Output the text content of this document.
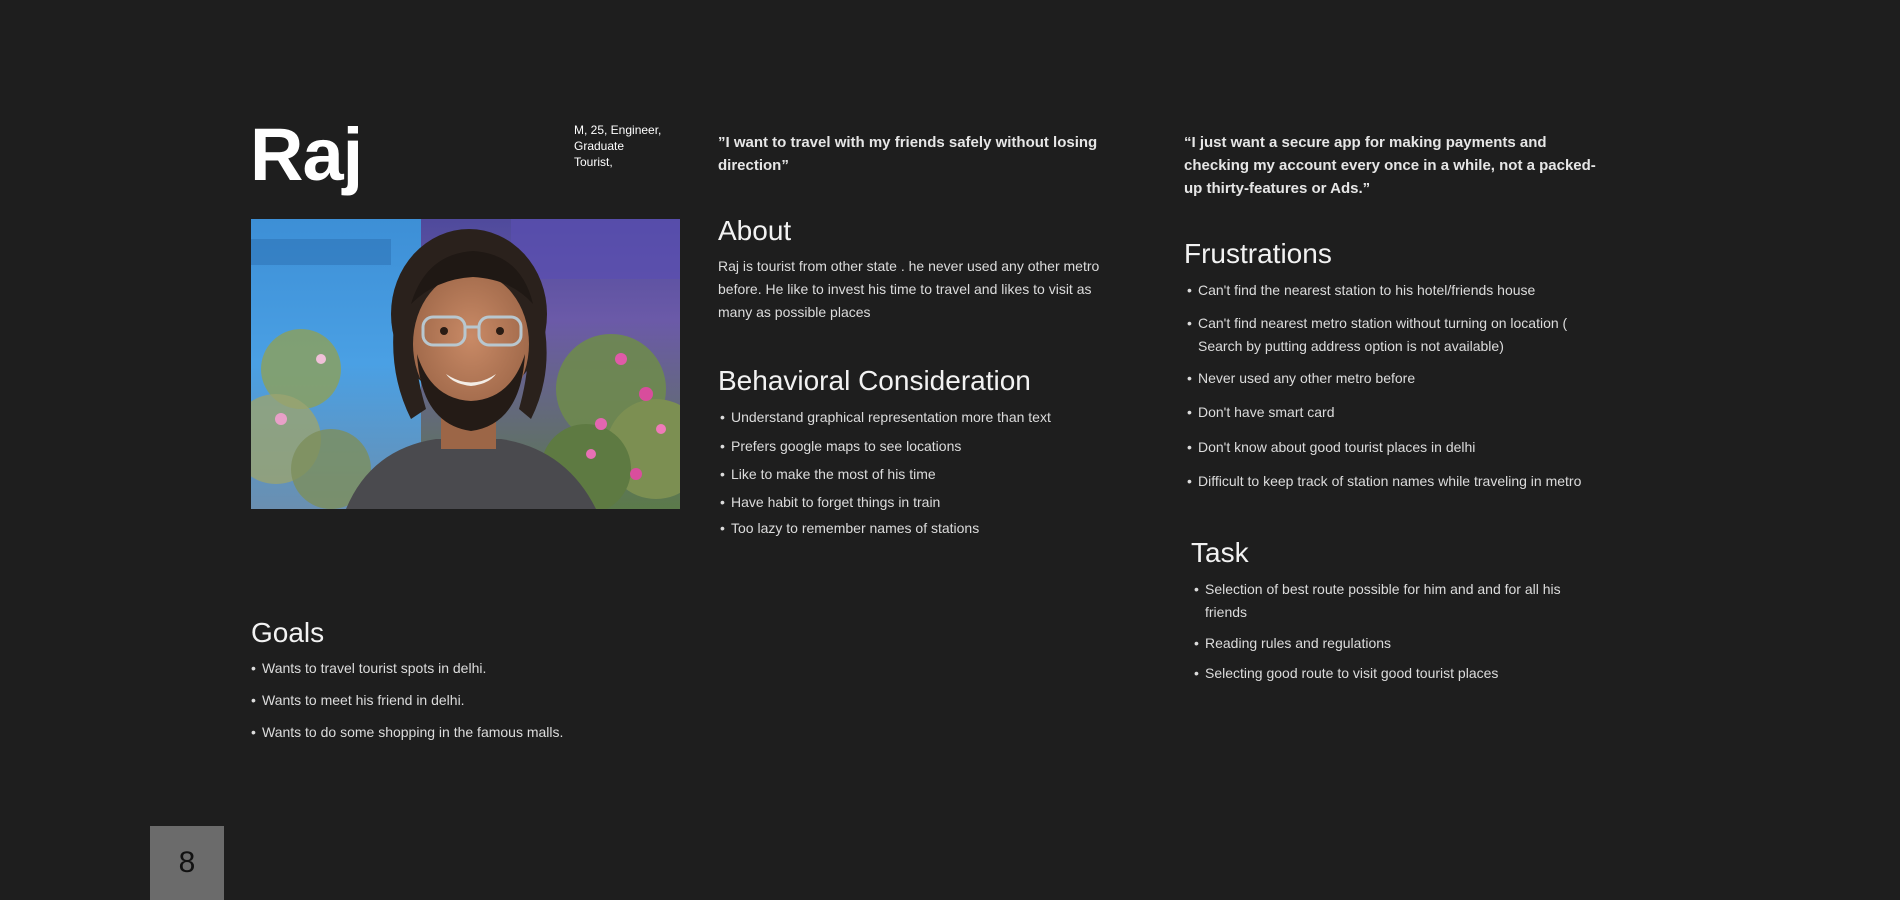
Raj	M, 25, Engineer,
Graduate
Tourist,
”I want to travel with my friends safely without losing direction”
About
Raj is tourist from other state . he never used any other metro before. He like to invest his time to travel and likes to visit as many as possible places
Behavioral Consideration
• Understand graphical representation more than text
• Prefers google maps to see locations
• Like to make the most of his time
• Have habit to forget things in train
• Too lazy to remember names of stations
“I just want a secure app for making payments and checking my account every once in a while, not a packed-up thirty-features or Ads.”
Frustrations
• Can't find the nearest station to his hotel/friends house
• Can't find nearest metro station without turning on location ( Search by putting address option is not available)
• Never used any other metro before
• Don't have smart card
• Don't know about good tourist places in delhi
• Difficult to keep track of station names while traveling in metro
Task
• Selection of best route possible for him and and for all his friends
• Reading rules and regulations
• Selecting good route to visit good tourist places
Goals
• Wants to travel tourist spots in delhi.
• Wants to meet his friend in delhi.
• Wants to do some shopping in the famous malls.
8
